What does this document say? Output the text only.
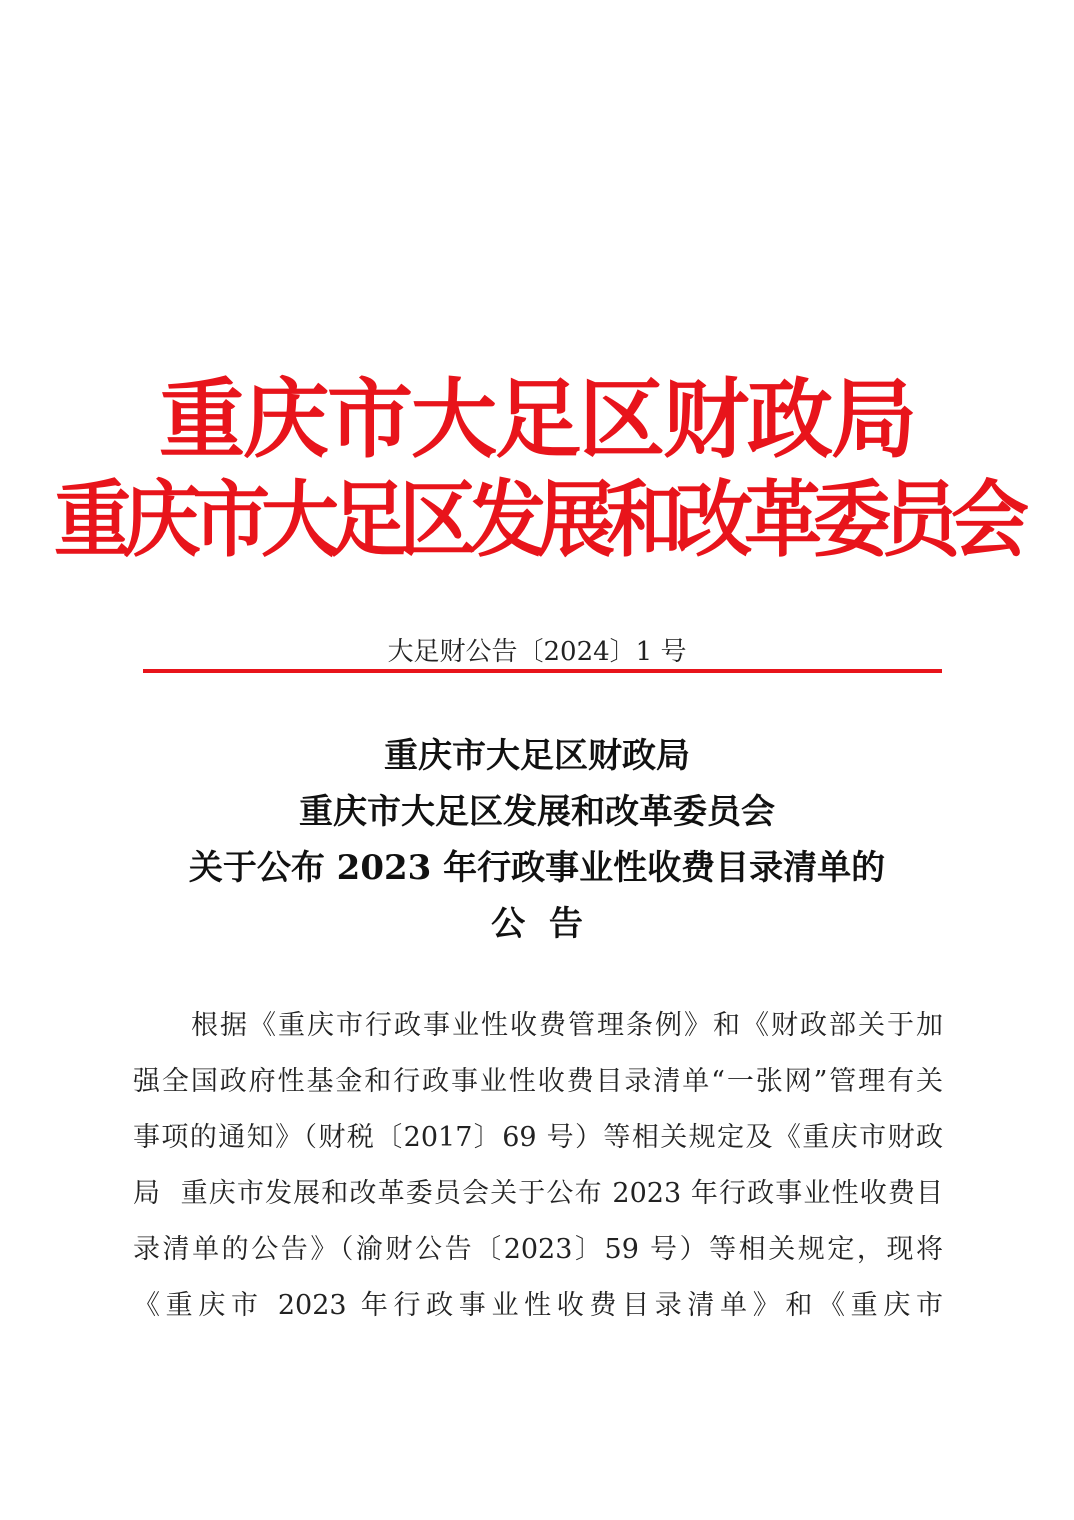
重庆市大足区财政局
重庆市大足区发展和改革委员会
大足财公告〔2024〕1 号
重庆市大足区财政局
重庆市大足区发展和改革委员会
关于公布 2023 年行政事业性收费目录清单的
公  告
根据《重庆市行政事业性收费管理条例》和《财政部关于加
强全国政府性基金和行政事业性收费目录清单“一张网”管理有关
事项的通知》（财税〔2017〕69 号）等相关规定及《重庆市财政
局  重庆市发展和改革委员会关于公布 2023 年行政事业性收费目
录清单的公告》（渝财公告〔2023〕59 号）等相关规定，现将
《重庆市 2023 年行政事业性收费目录清单》和《重庆市
